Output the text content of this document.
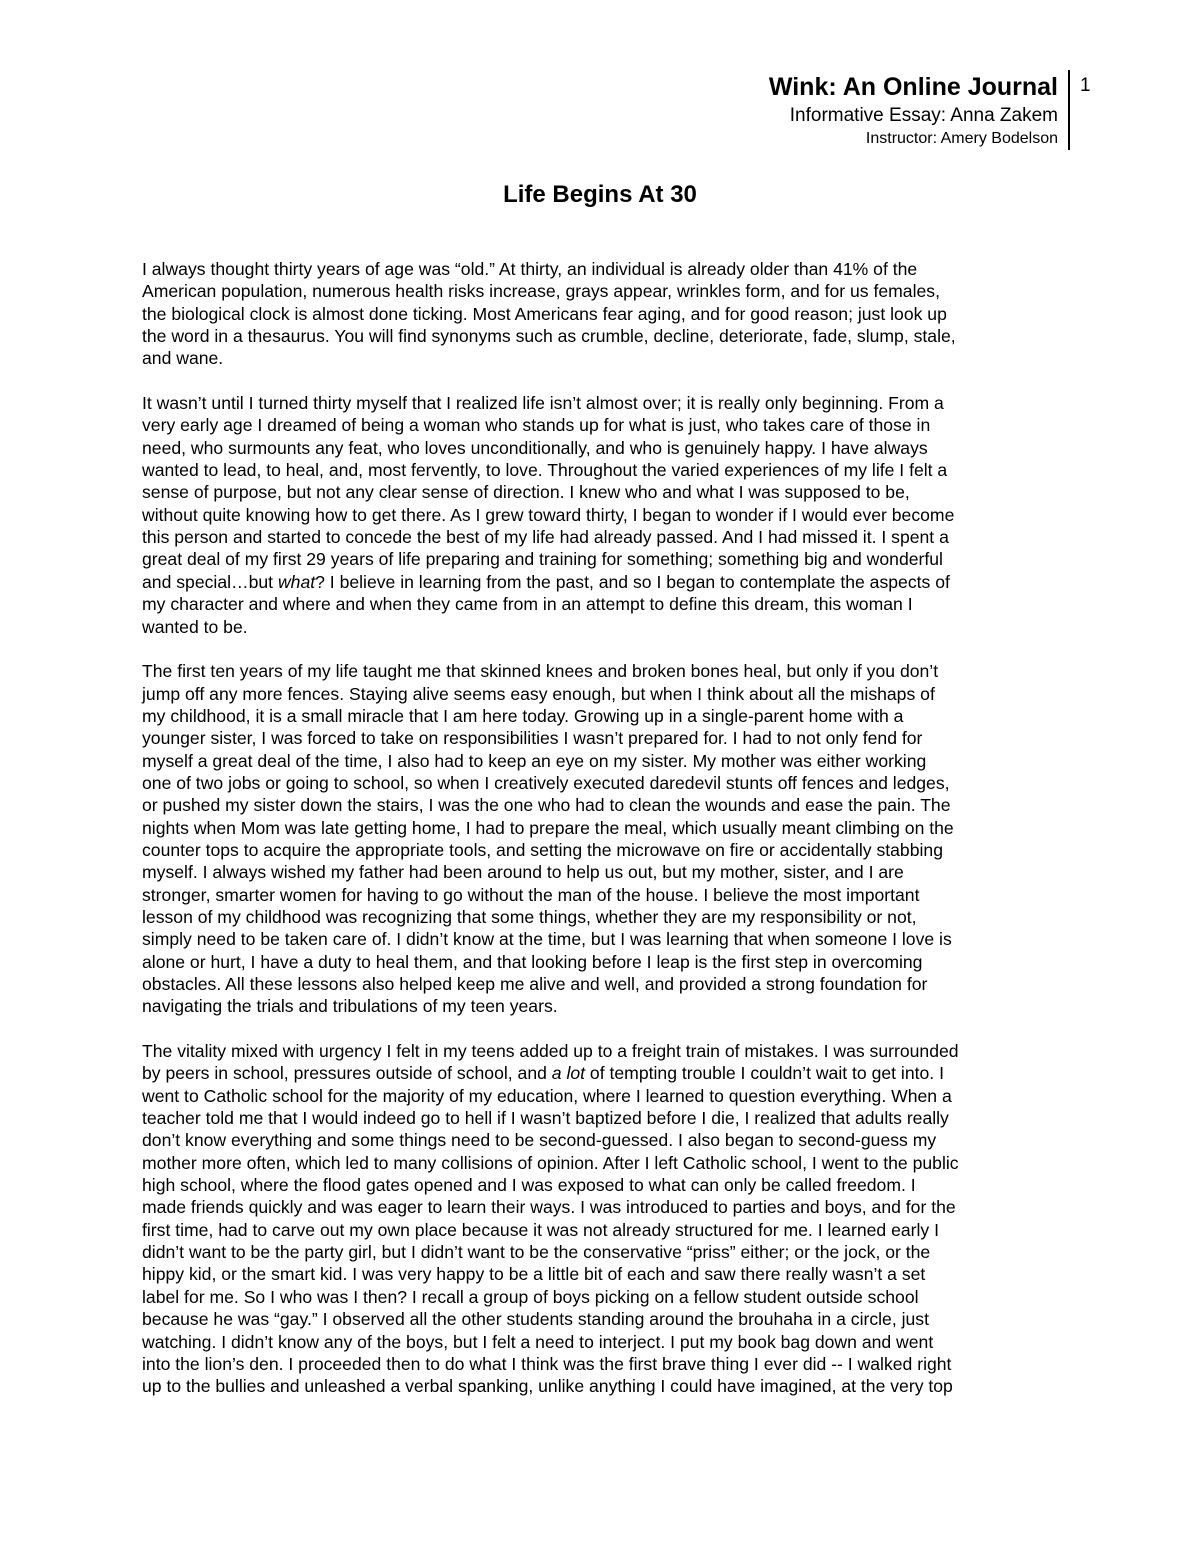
Wink: An Online Journal
Informative Essay: Anna Zakem
Instructor: Amery Bodelson
1
Life Begins At 30

I always thought thirty years of age was “old.” At thirty, an individual is already older than 41% of the
American population, numerous health risks increase, grays appear, wrinkles form, and for us females,
the biological clock is almost done ticking. Most Americans fear aging, and for good reason; just look up
the word in a thesaurus. You will find synonyms such as crumble, decline, deteriorate, fade, slump, stale,
and wane.

It wasn’t until I turned thirty myself that I realized life isn’t almost over; it is really only beginning. From a
very early age I dreamed of being a woman who stands up for what is just, who takes care of those in
need, who surmounts any feat, who loves unconditionally, and who is genuinely happy. I have always
wanted to lead, to heal, and, most fervently, to love. Throughout the varied experiences of my life I felt a
sense of purpose, but not any clear sense of direction. I knew who and what I was supposed to be,
without quite knowing how to get there. As I grew toward thirty, I began to wonder if I would ever become
this person and started to concede the best of my life had already passed. And I had missed it. I spent a
great deal of my first 29 years of life preparing and training for something; something big and wonderful
and special…but what? I believe in learning from the past, and so I began to contemplate the aspects of
my character and where and when they came from in an attempt to define this dream, this woman I
wanted to be.

The first ten years of my life taught me that skinned knees and broken bones heal, but only if you don’t
jump off any more fences. Staying alive seems easy enough, but when I think about all the mishaps of
my childhood, it is a small miracle that I am here today. Growing up in a single-parent home with a
younger sister, I was forced to take on responsibilities I wasn’t prepared for. I had to not only fend for
myself a great deal of the time, I also had to keep an eye on my sister. My mother was either working
one of two jobs or going to school, so when I creatively executed daredevil stunts off fences and ledges,
or pushed my sister down the stairs, I was the one who had to clean the wounds and ease the pain. The
nights when Mom was late getting home, I had to prepare the meal, which usually meant climbing on the
counter tops to acquire the appropriate tools, and setting the microwave on fire or accidentally stabbing
myself. I always wished my father had been around to help us out, but my mother, sister, and I are
stronger, smarter women for having to go without the man of the house. I believe the most important
lesson of my childhood was recognizing that some things, whether they are my responsibility or not,
simply need to be taken care of. I didn’t know at the time, but I was learning that when someone I love is
alone or hurt, I have a duty to heal them, and that looking before I leap is the first step in overcoming
obstacles. All these lessons also helped keep me alive and well, and provided a strong foundation for
navigating the trials and tribulations of my teen years.

The vitality mixed with urgency I felt in my teens added up to a freight train of mistakes. I was surrounded
by peers in school, pressures outside of school, and a lot of tempting trouble I couldn’t wait to get into. I
went to Catholic school for the majority of my education, where I learned to question everything. When a
teacher told me that I would indeed go to hell if I wasn’t baptized before I die, I realized that adults really
don’t know everything and some things need to be second-guessed. I also began to second-guess my
mother more often, which led to many collisions of opinion. After I left Catholic school, I went to the public
high school, where the flood gates opened and I was exposed to what can only be called freedom. I
made friends quickly and was eager to learn their ways. I was introduced to parties and boys, and for the
first time, had to carve out my own place because it was not already structured for me. I learned early I
didn’t want to be the party girl, but I didn’t want to be the conservative “priss” either; or the jock, or the
hippy kid, or the smart kid. I was very happy to be a little bit of each and saw there really wasn’t a set
label for me. So I who was I then? I recall a group of boys picking on a fellow student outside school
because he was “gay.” I observed all the other students standing around the brouhaha in a circle, just
watching. I didn’t know any of the boys, but I felt a need to interject. I put my book bag down and went
into the lion’s den. I proceeded then to do what I think was the first brave thing I ever did -- I walked right
up to the bullies and unleashed a verbal spanking, unlike anything I could have imagined, at the very top
